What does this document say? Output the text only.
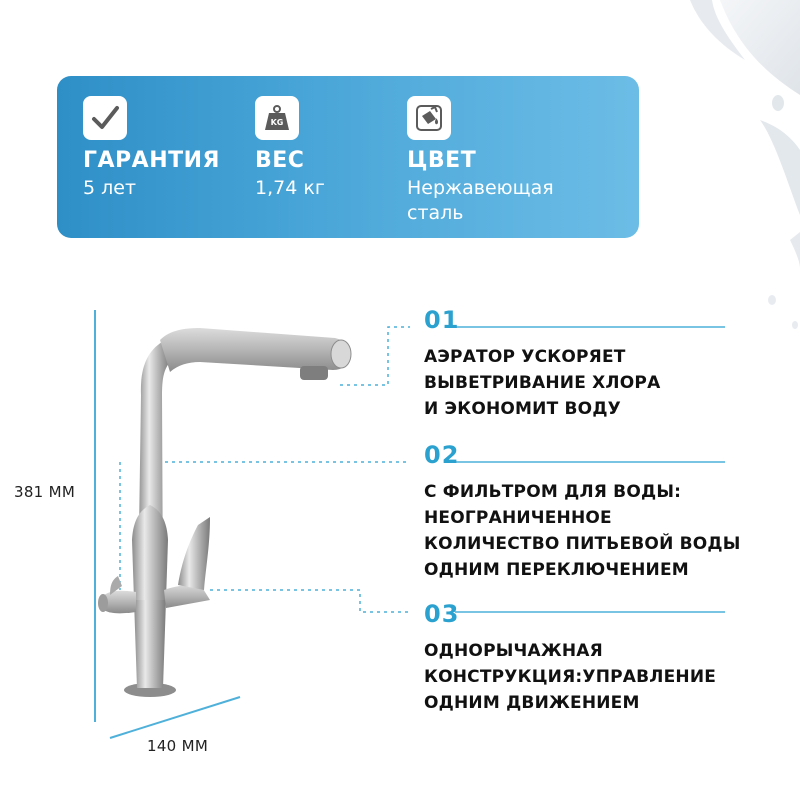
ГАРАНТИЯ
5 лет
KG
ВЕС
1,74 кг
ЦВЕТ
Нержавеющая
сталь
381 ММ
140 ММ
01
АЭРАТОР УСКОРЯЕТ
ВЫВЕТРИВАНИЕ ХЛОРА
И ЭКОНОМИТ ВОДУ
02
С ФИЛЬТРОМ ДЛЯ ВОДЫ:
НЕОГРАНИЧЕННОЕ
КОЛИЧЕСТВО ПИТЬЕВОЙ ВОДЫ
ОДНИМ ПЕРЕКЛЮЧЕНИЕМ
03
ОДНОРЫЧАЖНАЯ
КОНСТРУКЦИЯ:УПРАВЛЕНИЕ
ОДНИМ ДВИЖЕНИЕМ
